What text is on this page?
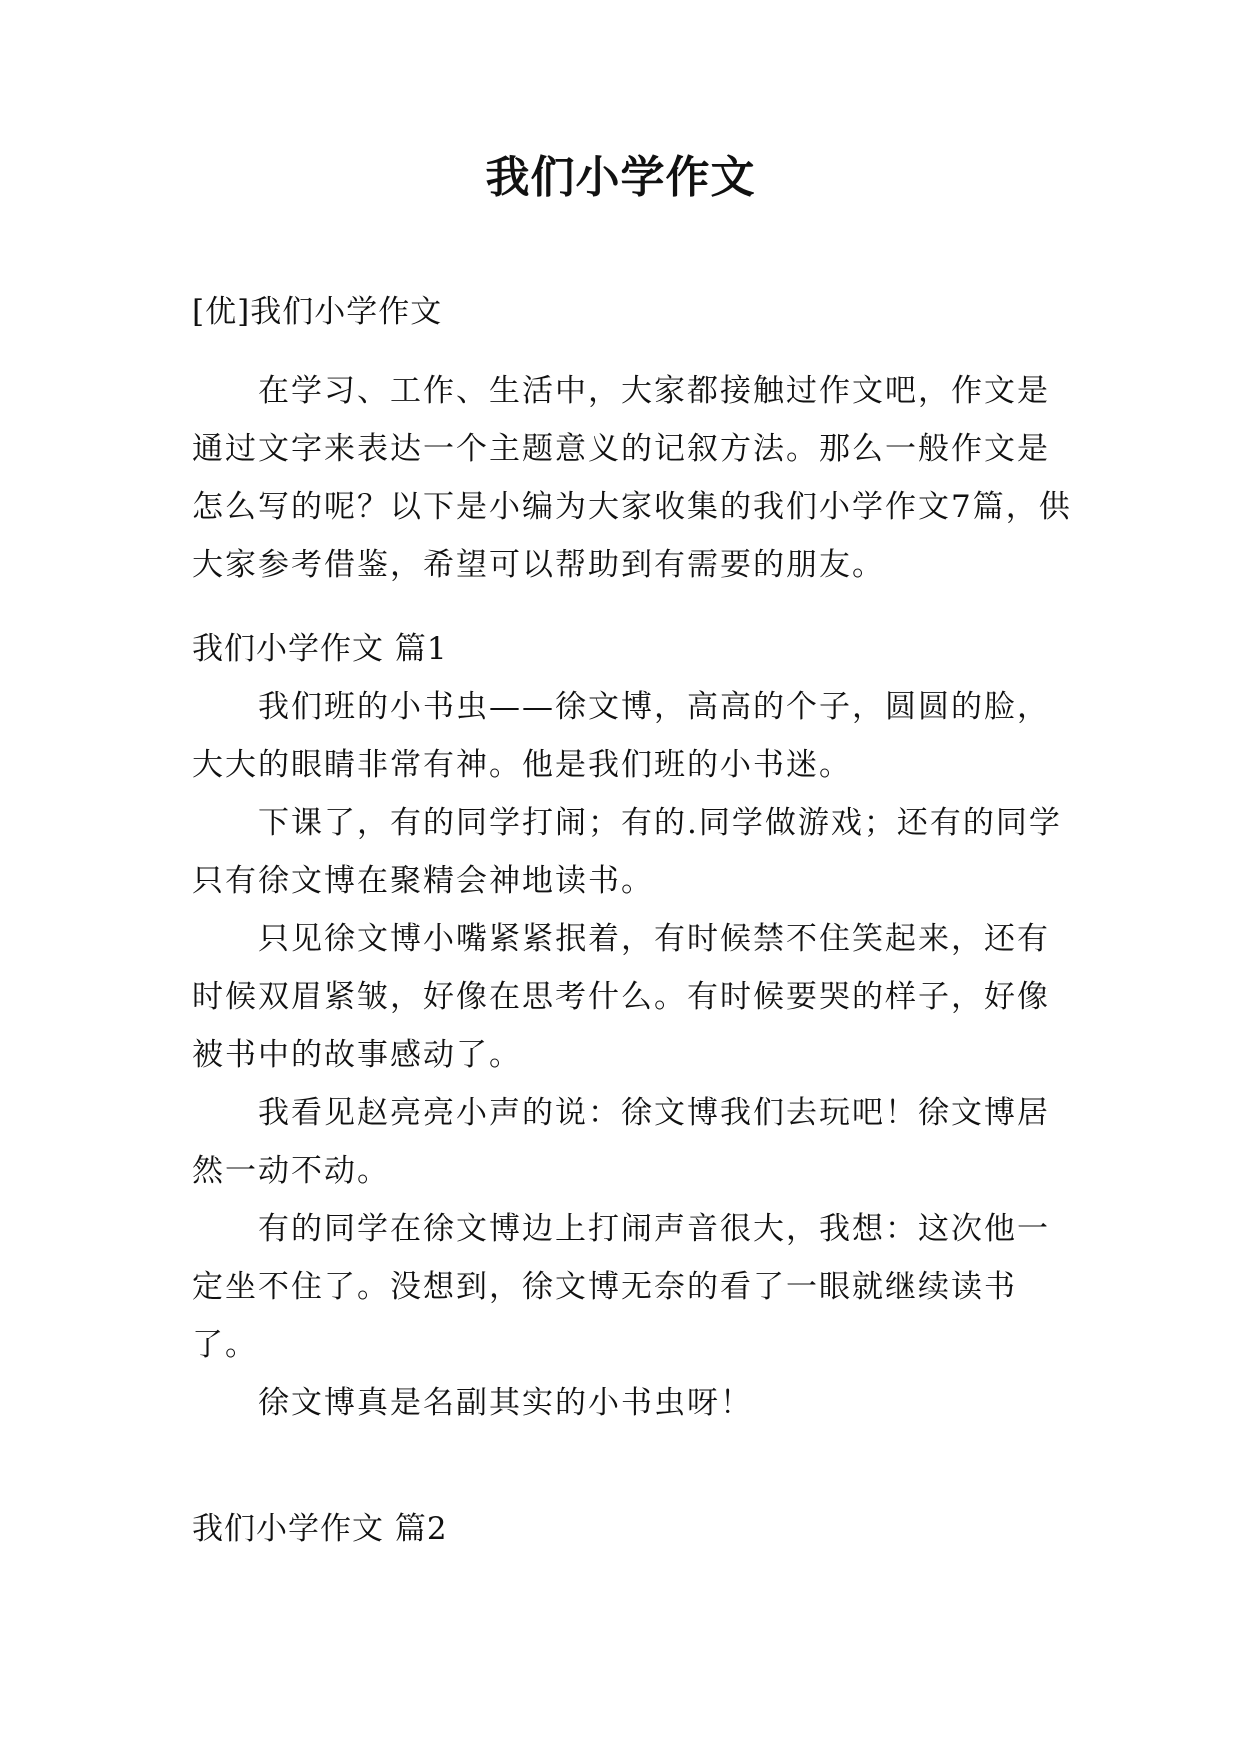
我们小学作文

[优]我们小学作文

在学习、工作、生活中，大家都接触过作文吧，作文是通过文字来表达一个主题意义的记叙方法。那么一般作文是怎么写的呢？以下是小编为大家收集的我们小学作文7篇，供大家参考借鉴，希望可以帮助到有需要的朋友。

我们小学作文 篇1

我们班的小书虫——徐文博，高高的个子，圆圆的脸，大大的眼睛非常有神。他是我们班的小书迷。

下课了，有的同学打闹；有的.同学做游戏；还有的同学只有徐文博在聚精会神地读书。

只见徐文博小嘴紧紧抿着，有时候禁不住笑起来，还有时候双眉紧皱，好像在思考什么。有时候要哭的样子，好像被书中的故事感动了。

我看见赵亮亮小声的说：徐文博我们去玩吧！徐文博居然一动不动。

有的同学在徐文博边上打闹声音很大，我想：这次他一定坐不住了。没想到，徐文博无奈的看了一眼就继续读书了。

徐文博真是名副其实的小书虫呀！

我们小学作文 篇2
